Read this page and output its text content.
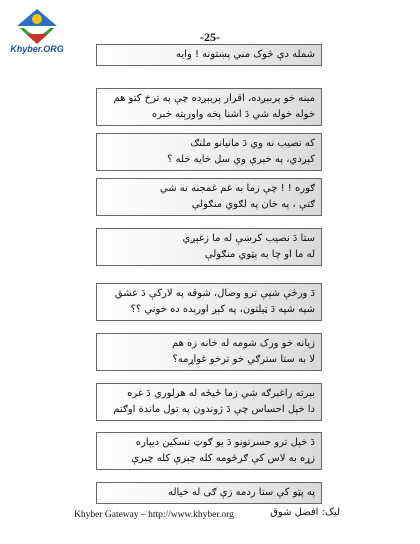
Khyber.ORG
-25-
شمله دې څوک مني پښتونه ! وايه
مينه خو پربېږده، اقرار پربېږده چې په ترخ کتو هم
خوله خوله شي دَ اشنا پخه واورېته خبره
که نصيب نه وي دَ مانيانو ملنګ
کېږدي، په خېرې وي سل خايه خله ؟
ګوره ! ! چې زما به غم غمجنه نه شي
ګتې ، په خان په لګوي منګولې
ستا دَ نصيب کرښې له ما زغېږي
له ما او چا به پټوي منګولې
دَ ورځې شپې ترو وصال، شوقه په لارکې دَ عشق
شپه شپه دَ ټيلتون، په کېږ اورېده ده خوني ؟؟
زيانه خو ورک شومه له خانه زه هم
لا به ستا سترګي خو ترخو غواړمه؟
بېرته راغېرګه شي زما ځيځه له هرلوري دَ غره
دا خپل احساس چې دَ ژوندون په تول ماندة اوګتم
دَ خپل ترو حسرتونو دَ يو ګوټ تسکين ديپاره
زړه به لاس کې ګرځومه کله چېرې کله چېرې
په پټو کې ستا ردمه زې ګی له خياله
Khyber Gateway – http://www.khyber.org	ليک: افضل شوق
